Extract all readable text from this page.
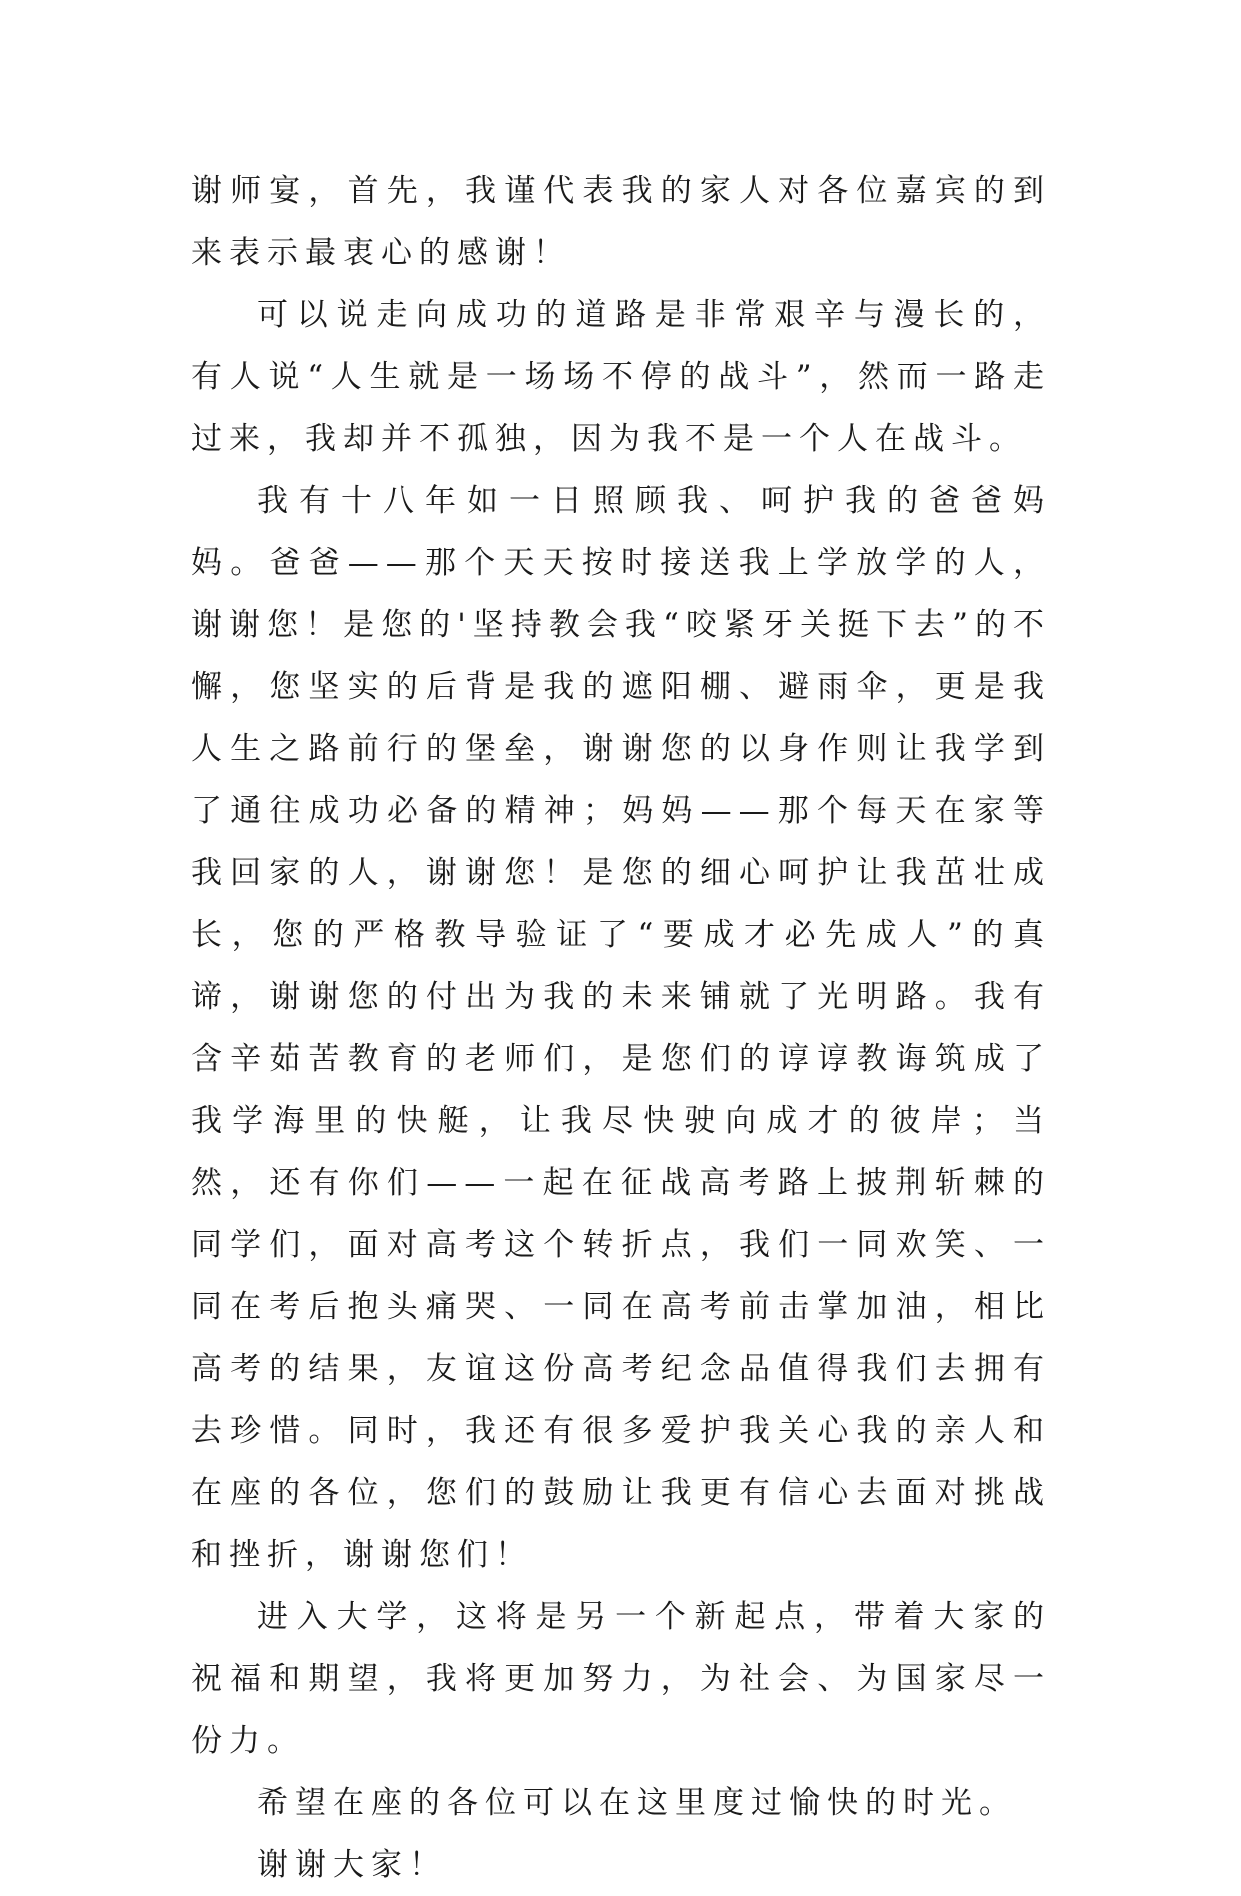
谢师宴，首先，我谨代表我的家人对各位嘉宾的到来表示最衷心的感谢！

可以说走向成功的道路是非常艰辛与漫长的，有人说“人生就是一场场不停的战斗”，然而一路走过来，我却并不孤独，因为我不是一个人在战斗。

我有十八年如一日照顾我、呵护我的爸爸妈妈。爸爸——那个天天按时接送我上学放学的人，谢谢您！是您的'坚持教会我“咬紧牙关挺下去”的不懈，您坚实的后背是我的遮阳棚、避雨伞，更是我人生之路前行的堡垒，谢谢您的以身作则让我学到了通往成功必备的精神；妈妈——那个每天在家等我回家的人，谢谢您！是您的细心呵护让我茁壮成长，您的严格教导验证了“要成才必先成人”的真谛，谢谢您的付出为我的未来铺就了光明路。我有含辛茹苦教育的老师们，是您们的谆谆教诲筑成了我学海里的快艇，让我尽快驶向成才的彼岸；当然，还有你们——一起在征战高考路上披荆斩棘的同学们，面对高考这个转折点，我们一同欢笑、一同在考后抱头痛哭、一同在高考前击掌加油，相比高考的结果，友谊这份高考纪念品值得我们去拥有去珍惜。同时，我还有很多爱护我关心我的亲人和在座的各位，您们的鼓励让我更有信心去面对挑战和挫折，谢谢您们！

进入大学，这将是另一个新起点，带着大家的祝福和期望，我将更加努力，为社会、为国家尽一份力。

希望在座的各位可以在这里度过愉快的时光。

谢谢大家！
